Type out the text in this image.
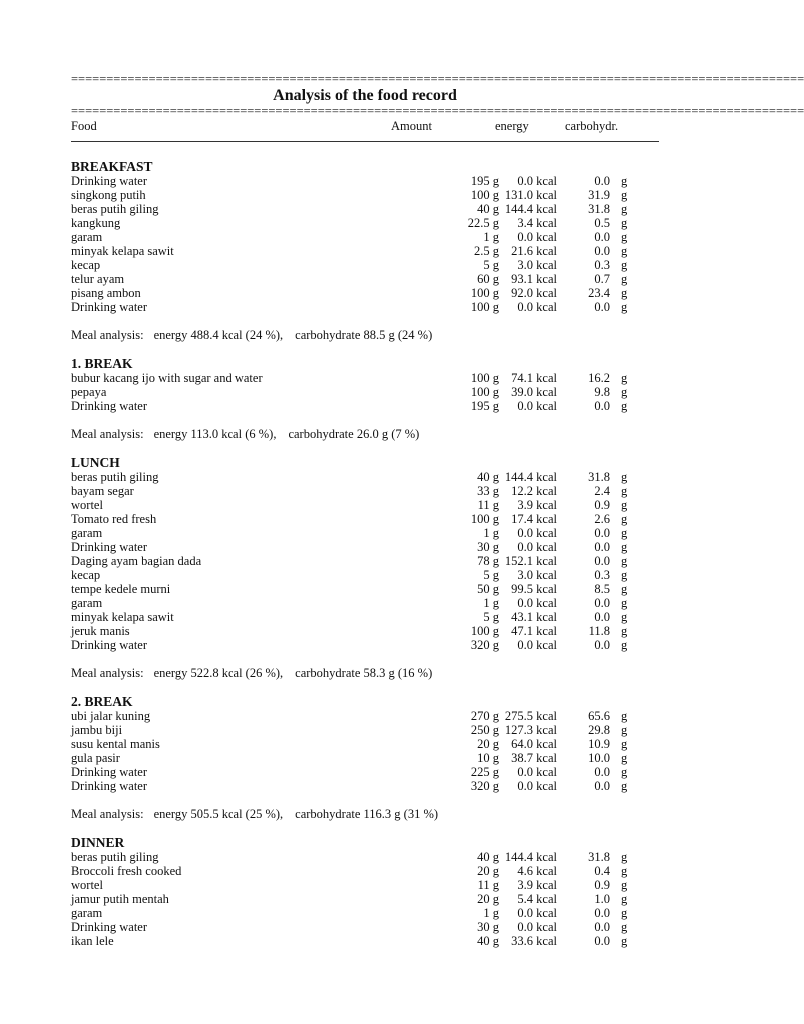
========================================================================================================
Analysis of the food record
========================================================================================================
Food	Amount	energy	carbohydr.
BREAKFAST
Drinking water	195 g 0.0 kcal	0.0 g
singkong putih	100 g 131.0 kcal 31.9 g
beras putih giling	40 g 144.4 kcal 31.8 g
kangkung	22.5 g 3.4 kcal	0.5 g
garam	1 g 0.0 kcal	0.0 g
minyak kelapa sawit	2.5 g 21.6 kcal	0.0 g
kecap	5 g 3.0 kcal	0.3 g
telur ayam	60 g 93.1 kcal	0.7 g
pisang ambon	100 g 92.0 kcal 23.4 g
Drinking water	100 g 0.0 kcal	0.0 g
Meal analysis: energy 488.4 kcal (24 %), carbohydrate 88.5 g (24 %)
1. BREAK
bubur kacang ijo with sugar and water	100 g 74.1 kcal 16.2 g
pepaya	100 g 39.0 kcal	9.8 g
Drinking water	195 g 0.0 kcal	0.0 g
Meal analysis: energy 113.0 kcal (6 %), carbohydrate 26.0 g (7 %)
LUNCH
beras putih giling	40 g 144.4 kcal 31.8 g
bayam segar	33 g 12.2 kcal	2.4 g
wortel	11 g 3.9 kcal	0.9 g
Tomato red fresh	100 g 17.4 kcal	2.6 g
garam	1 g 0.0 kcal	0.0 g
Drinking water	30 g 0.0 kcal	0.0 g
Daging ayam bagian dada	78 g 152.1 kcal	0.0 g
kecap	5 g 3.0 kcal	0.3 g
tempe kedele murni	50 g 99.5 kcal	8.5 g
garam	1 g 0.0 kcal	0.0 g
minyak kelapa sawit	5 g 43.1 kcal	0.0 g
jeruk manis	100 g 47.1 kcal	11.8 g
Drinking water	320 g 0.0 kcal	0.0 g
Meal analysis: energy 522.8 kcal (26 %), carbohydrate 58.3 g (16 %)
2. BREAK
ubi jalar kuning	270 g 275.5 kcal 65.6 g
jambu biji	250 g 127.3 kcal 29.8 g
susu kental manis	20 g 64.0 kcal 10.9 g
gula pasir	10 g 38.7 kcal 10.0 g
Drinking water	225 g 0.0 kcal	0.0 g
Drinking water	320 g 0.0 kcal	0.0 g
Meal analysis: energy 505.5 kcal (25 %), carbohydrate 116.3 g (31 %)
DINNER
beras putih giling	40 g 144.4 kcal 31.8 g
Broccoli fresh cooked	20 g 4.6 kcal	0.4 g
wortel	11 g 3.9 kcal	0.9 g
jamur putih mentah	20 g 5.4 kcal	1.0 g
garam	1 g 0.0 kcal	0.0 g
Drinking water	30 g 0.0 kcal	0.0 g
ikan lele	40 g 33.6 kcal	0.0 g
